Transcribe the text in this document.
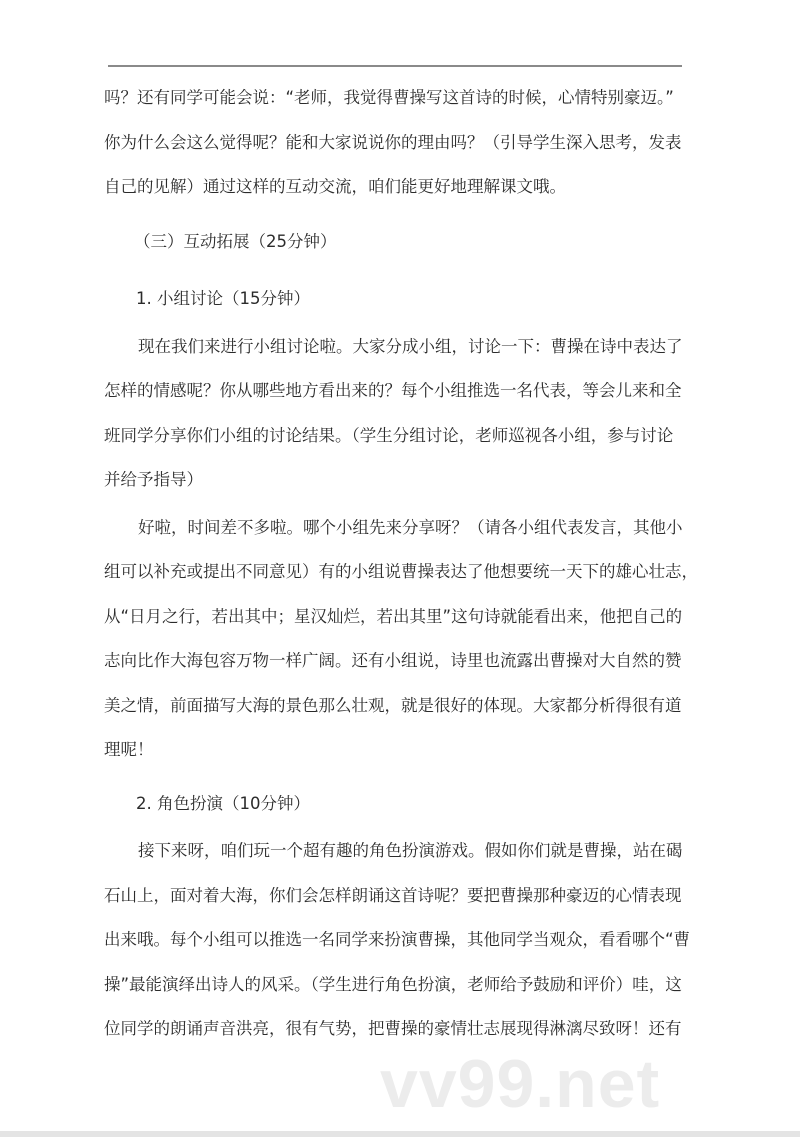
吗？还有同学可能会说：“老师，我觉得曹操写这首诗的时候，心情特别豪迈。”
你为什么会这么觉得呢？能和大家说说你的理由吗？（引导学生深入思考，发表
自己的见解）通过这样的互动交流，咱们能更好地理解课文哦。
（三）互动拓展（25分钟）
1. 小组讨论（15分钟）
现在我们来进行小组讨论啦。大家分成小组，讨论一下：曹操在诗中表达了
怎样的情感呢？你从哪些地方看出来的？每个小组推选一名代表，等会儿来和全
班同学分享你们小组的讨论结果。（学生分组讨论，老师巡视各小组，参与讨论
并给予指导）
好啦，时间差不多啦。哪个小组先来分享呀？（请各小组代表发言，其他小
组可以补充或提出不同意见）有的小组说曹操表达了他想要统一天下的雄心壮志，
从“日月之行，若出其中；星汉灿烂，若出其里”这句诗就能看出来，他把自己的
志向比作大海包容万物一样广阔。还有小组说，诗里也流露出曹操对大自然的赞
美之情，前面描写大海的景色那么壮观，就是很好的体现。大家都分析得很有道
理呢！
2. 角色扮演（10分钟）
接下来呀，咱们玩一个超有趣的角色扮演游戏。假如你们就是曹操，站在碣
石山上，面对着大海，你们会怎样朗诵这首诗呢？要把曹操那种豪迈的心情表现
出来哦。每个小组可以推选一名同学来扮演曹操，其他同学当观众，看看哪个“曹
操”最能演绎出诗人的风采。（学生进行角色扮演，老师给予鼓励和评价）哇，这
位同学的朗诵声音洪亮，很有气势，把曹操的豪情壮志展现得淋漓尽致呀！还有
vv99.net
